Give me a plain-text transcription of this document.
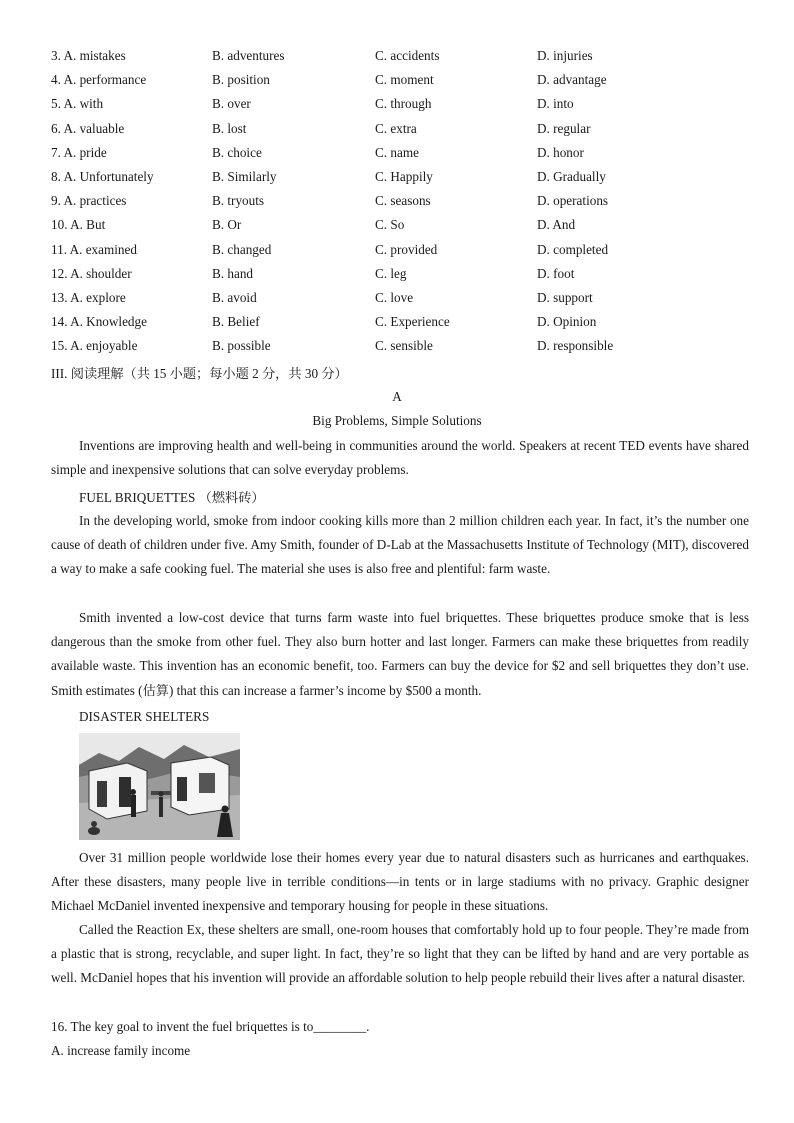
3. A. mistakes	B. adventures	C. accidents	D. injuries
4. A. performance	B. position	C. moment	D. advantage
5. A. with	B. over	C. through	D. into
6. A. valuable	B. lost	C. extra	D. regular
7. A. pride	B. choice	C. name	D. honor
8. A. Unfortunately	B. Similarly	C. Happily	D. Gradually
9. A. practices	B. tryouts	C. seasons	D. operations
10. A. But	B. Or	C. So	D. And
11. A. examined	B. changed	C. provided	D. completed
12. A. shoulder	B. hand	C. leg	D. foot
13. A. explore	B. avoid	C. love	D. support
14. A. Knowledge	B. Belief	C. Experience	D. Opinion
15. A. enjoyable	B. possible	C. sensible	D. responsible
III. 阅读理解（共 15 小题；每小题 2 分，共 30 分）
A
Big Problems, Simple Solutions
Inventions are improving health and well-being in communities around the world. Speakers at recent TED events have shared simple and inexpensive solutions that can solve everyday problems.
FUEL BRIQUETTES （燃料砖）
In the developing world, smoke from indoor cooking kills more than 2 million children each year. In fact, it’s the number one cause of death of children under five. Amy Smith, founder of D-Lab at the Massachusetts Institute of Technology (MIT), discovered a way to make a safe cooking fuel. The material she uses is also free and plentiful: farm waste.
Smith invented a low-cost device that turns farm waste into fuel briquettes. These briquettes produce smoke that is less dangerous than the smoke from other fuel. They also burn hotter and last longer. Farmers can make these briquettes from readily available waste. This invention has an economic benefit, too. Farmers can buy the device for $2 and sell briquettes they don’t use. Smith estimates (估算) that this can increase a farmer’s income by $500 a month.
DISASTER SHELTERS
Over 31 million people worldwide lose their homes every year due to natural disasters such as hurricanes and earthquakes. After these disasters, many people live in terrible conditions—in tents or in large stadiums with no privacy. Graphic designer Michael McDaniel invented inexpensive and temporary housing for people in these situations.
Called the Reaction Ex, these shelters are small, one-room houses that comfortably hold up to four people. They’re made from a plastic that is strong, recyclable, and super light. In fact, they’re so light that they can be lifted by hand and are very portable as well. McDaniel hopes that his invention will provide an affordable solution to help people rebuild their lives after a natural disaster.
16. The key goal to invent the fuel briquettes is to________.
A. increase family income
